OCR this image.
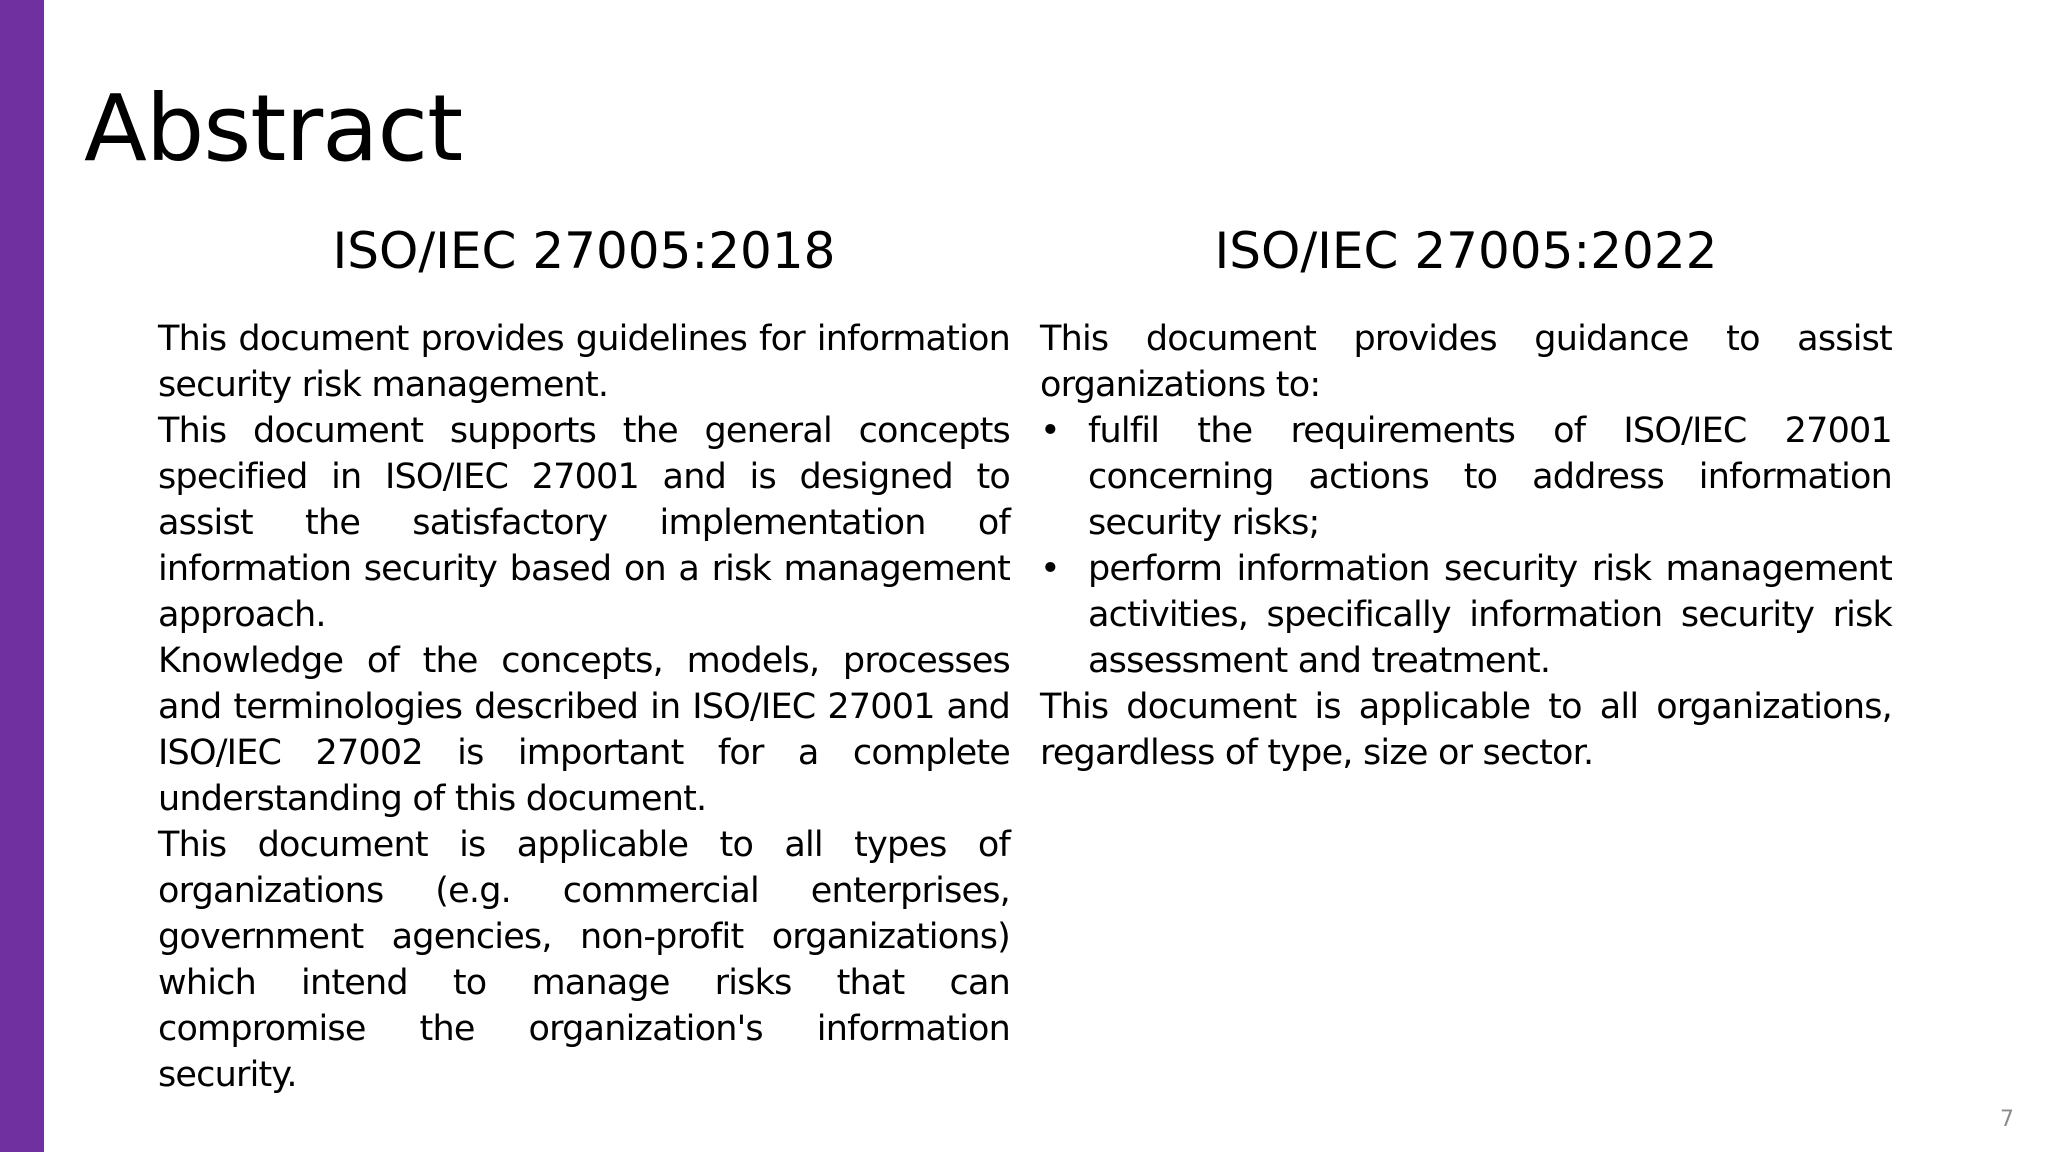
Abstract
ISO/IEC 27005:2018

This document provides guidelines for information security risk management.

This document supports the general concepts specified in ISO/IEC 27001 and is designed to assist the satisfactory implementation of information security based on a risk management approach.

Knowledge of the concepts, models, processes and terminologies described in ISO/IEC 27001 and ISO/IEC 27002 is important for a complete understanding of this document.

This document is applicable to all types of organizations (e.g. commercial enterprises, government agencies, non-profit organizations) which intend to manage risks that can compromise the organization's information security.

ISO/IEC 27005:2022

This document provides guidance to assist organizations to:

• fulfil the requirements of ISO/IEC 27001 concerning actions to address information security risks;
• perform information security risk management activities, specifically information security risk assessment and treatment.

This document is applicable to all organizations, regardless of type, size or sector.

7
